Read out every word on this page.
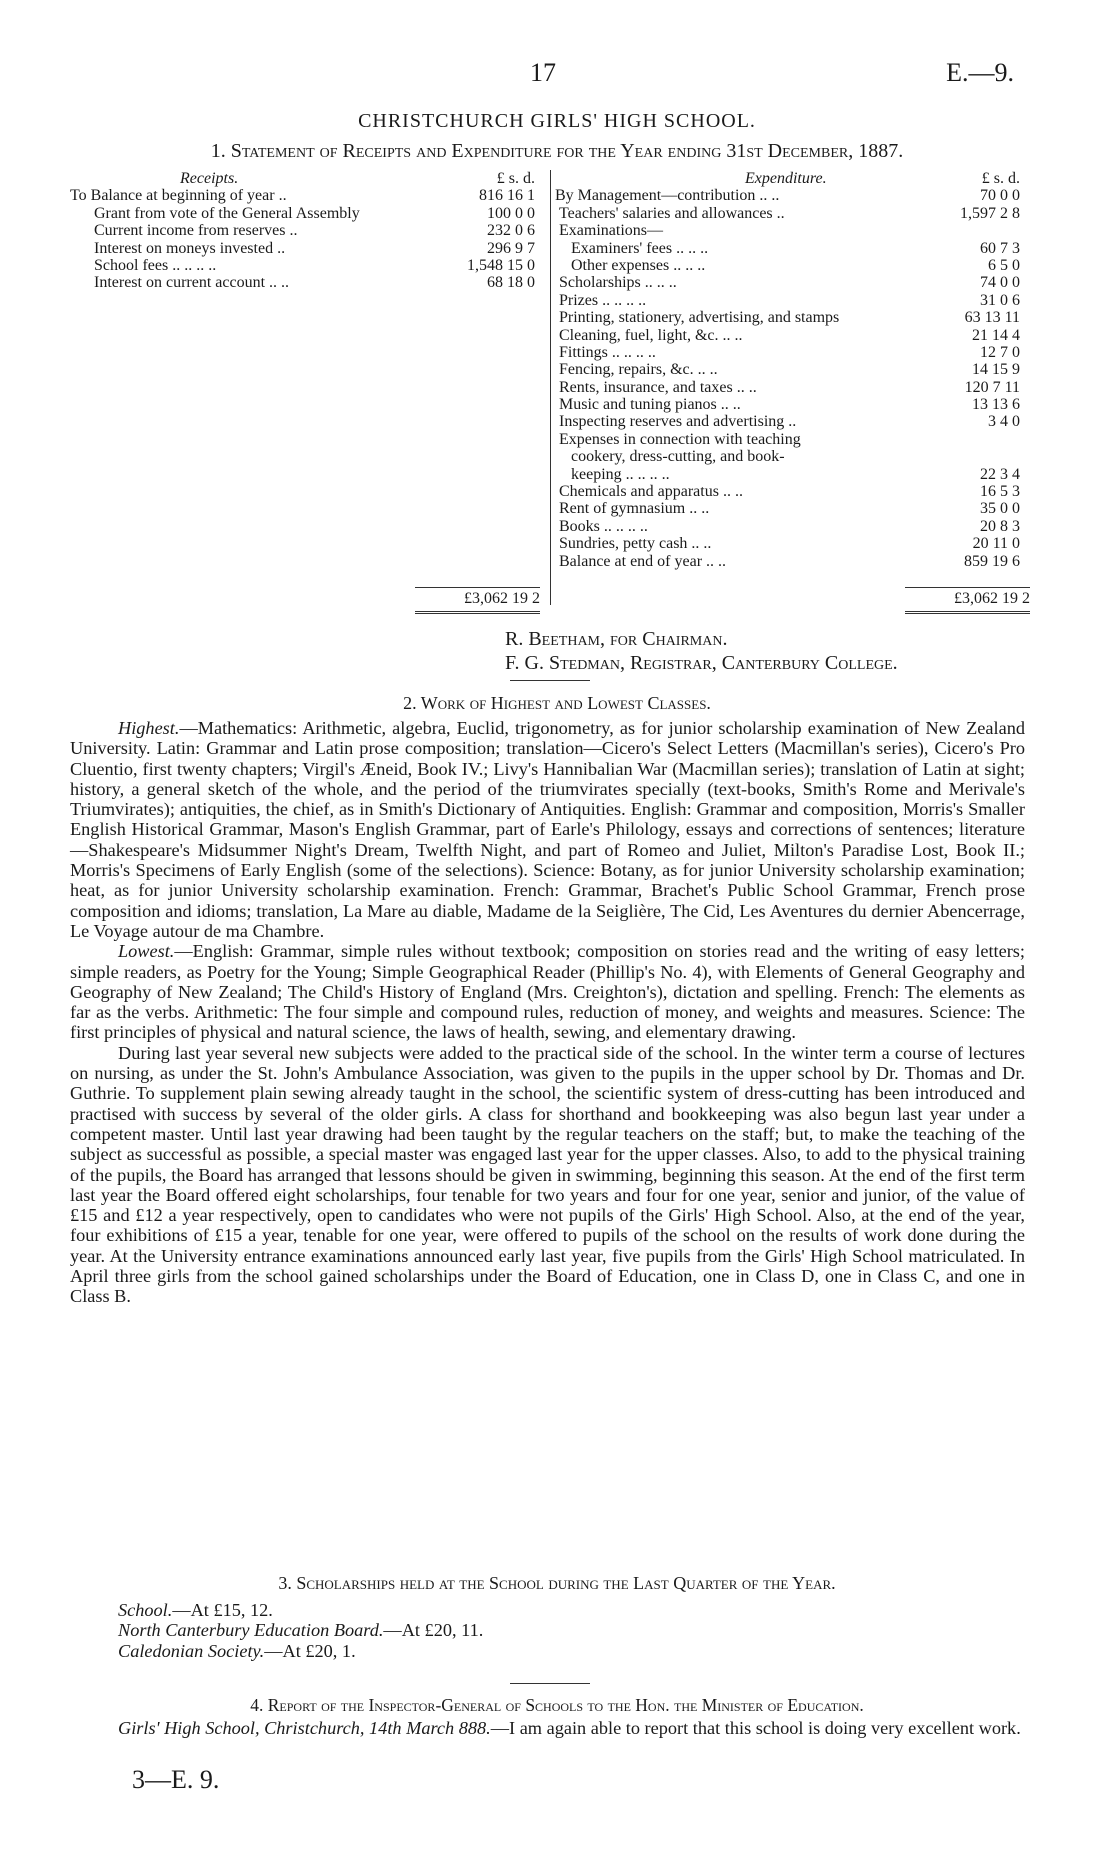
17	E.—9.
CHRISTCHURCH GIRLS' HIGH SCHOOL.
1. Statement of Receipts and Expenditure for the Year ending 31st December, 1887.
Receipts.	£ s. d.
To Balance at beginning of year ..	816 16 1
Grant from vote of the General Assembly	100 0 0
Current income from reserves ..	232 0 6
Interest on moneys invested ..	296 9 7
School fees .. .. .. ..	1,548 15 0
Interest on current account .. ..	68 18 0
Expenditure.	£ s. d.
By Management—contribution .. ..	70 0 0
Teachers' salaries and allowances ..	1,597 2 8
Examinations—
Examiners' fees .. .. ..	60 7 3
Other expenses .. .. ..	6 5 0
Scholarships .. .. ..	74 0 0
Prizes .. .. .. ..	31 0 6
Printing, stationery, advertising, and stamps	63 13 11
Cleaning, fuel, light, &c. .. ..	21 14 4
Fittings .. .. .. ..	12 7 0
Fencing, repairs, &c. .. ..	14 15 9
Rents, insurance, and taxes .. ..	120 7 11
Music and tuning pianos .. ..	13 13 6
Inspecting reserves and advertising ..	3 4 0
Expenses in connection with teaching
cookery, dress-cutting, and book-
keeping .. .. .. ..	22 3 4
Chemicals and apparatus .. ..	16 5 3
Rent of gymnasium .. ..	35 0 0
Books .. .. .. ..	20 8 3
Sundries, petty cash .. ..	20 11 0
Balance at end of year .. ..	859 19 6
£3,062 19 2	£3,062 19 2
R. Beetham, for Chairman.
F. G. Stedman, Registrar, Canterbury College.
2. Work of Highest and Lowest Classes.

Highest.—Mathematics: Arithmetic, algebra, Euclid, trigonometry, as for junior scholarship examination of New Zealand University. Latin: Grammar and Latin prose composition; translation—Cicero's Select Letters (Macmillan's series), Cicero's Pro Cluentio, first twenty chapters; Virgil's Æneid, Book IV.; Livy's Hannibalian War (Macmillan series); translation of Latin at sight; history, a general sketch of the whole, and the period of the triumvirates specially (text-books, Smith's Rome and Merivale's Triumvirates); antiquities, the chief, as in Smith's Dictionary of Antiquities. English: Grammar and composition, Morris's Smaller English Historical Grammar, Mason's English Grammar, part of Earle's Philology, essays and corrections of sentences; literature—Shakespeare's Midsummer Night's Dream, Twelfth Night, and part of Romeo and Juliet, Milton's Paradise Lost, Book II.; Morris's Specimens of Early English (some of the selections). Science: Botany, as for junior University scholarship examination; heat, as for junior University scholarship examination. French: Grammar, Brachet's Public School Grammar, French prose composition and idioms; translation, La Mare au diable, Madame de la Seiglière, The Cid, Les Aventures du dernier Abencerrage, Le Voyage autour de ma Chambre.

Lowest.—English: Grammar, simple rules without textbook; composition on stories read and the writing of easy letters; simple readers, as Poetry for the Young; Simple Geographical Reader (Phillip's No. 4), with Elements of General Geography and Geography of New Zealand; The Child's History of England (Mrs. Creighton's), dictation and spelling. French: The elements as far as the verbs. Arithmetic: The four simple and compound rules, reduction of money, and weights and measures. Science: The first principles of physical and natural science, the laws of health, sewing, and elementary drawing.

During last year several new subjects were added to the practical side of the school. In the winter term a course of lectures on nursing, as under the St. John's Ambulance Association, was given to the pupils in the upper school by Dr. Thomas and Dr. Guthrie. To supplement plain sewing already taught in the school, the scientific system of dress-cutting has been introduced and practised with success by several of the older girls. A class for shorthand and bookkeeping was also begun last year under a competent master. Until last year drawing had been taught by the regular teachers on the staff; but, to make the teaching of the subject as successful as possible, a special master was engaged last year for the upper classes. Also, to add to the physical training of the pupils, the Board has arranged that lessons should be given in swimming, beginning this season. At the end of the first term last year the Board offered eight scholarships, four tenable for two years and four for one year, senior and junior, of the value of £15 and £12 a year respectively, open to candidates who were not pupils of the Girls' High School. Also, at the end of the year, four exhibitions of £15 a year, tenable for one year, were offered to pupils of the school on the results of work done during the year. At the University entrance examinations announced early last year, five pupils from the Girls' High School matriculated. In April three girls from the school gained scholarships under the Board of Education, one in Class D, one in Class C, and one in Class B.

3. Scholarships held at the School during the Last Quarter of the Year.
School.—At £15, 12.
North Canterbury Education Board.—At £20, 11.
Caledonian Society.—At £20, 1.
4. Report of the Inspector-General of Schools to the Hon. the Minister of Education.

Girls' High School, Christchurch, 14th March 888.—I am again able to report that this school is doing very excellent work.

3—E. 9.
